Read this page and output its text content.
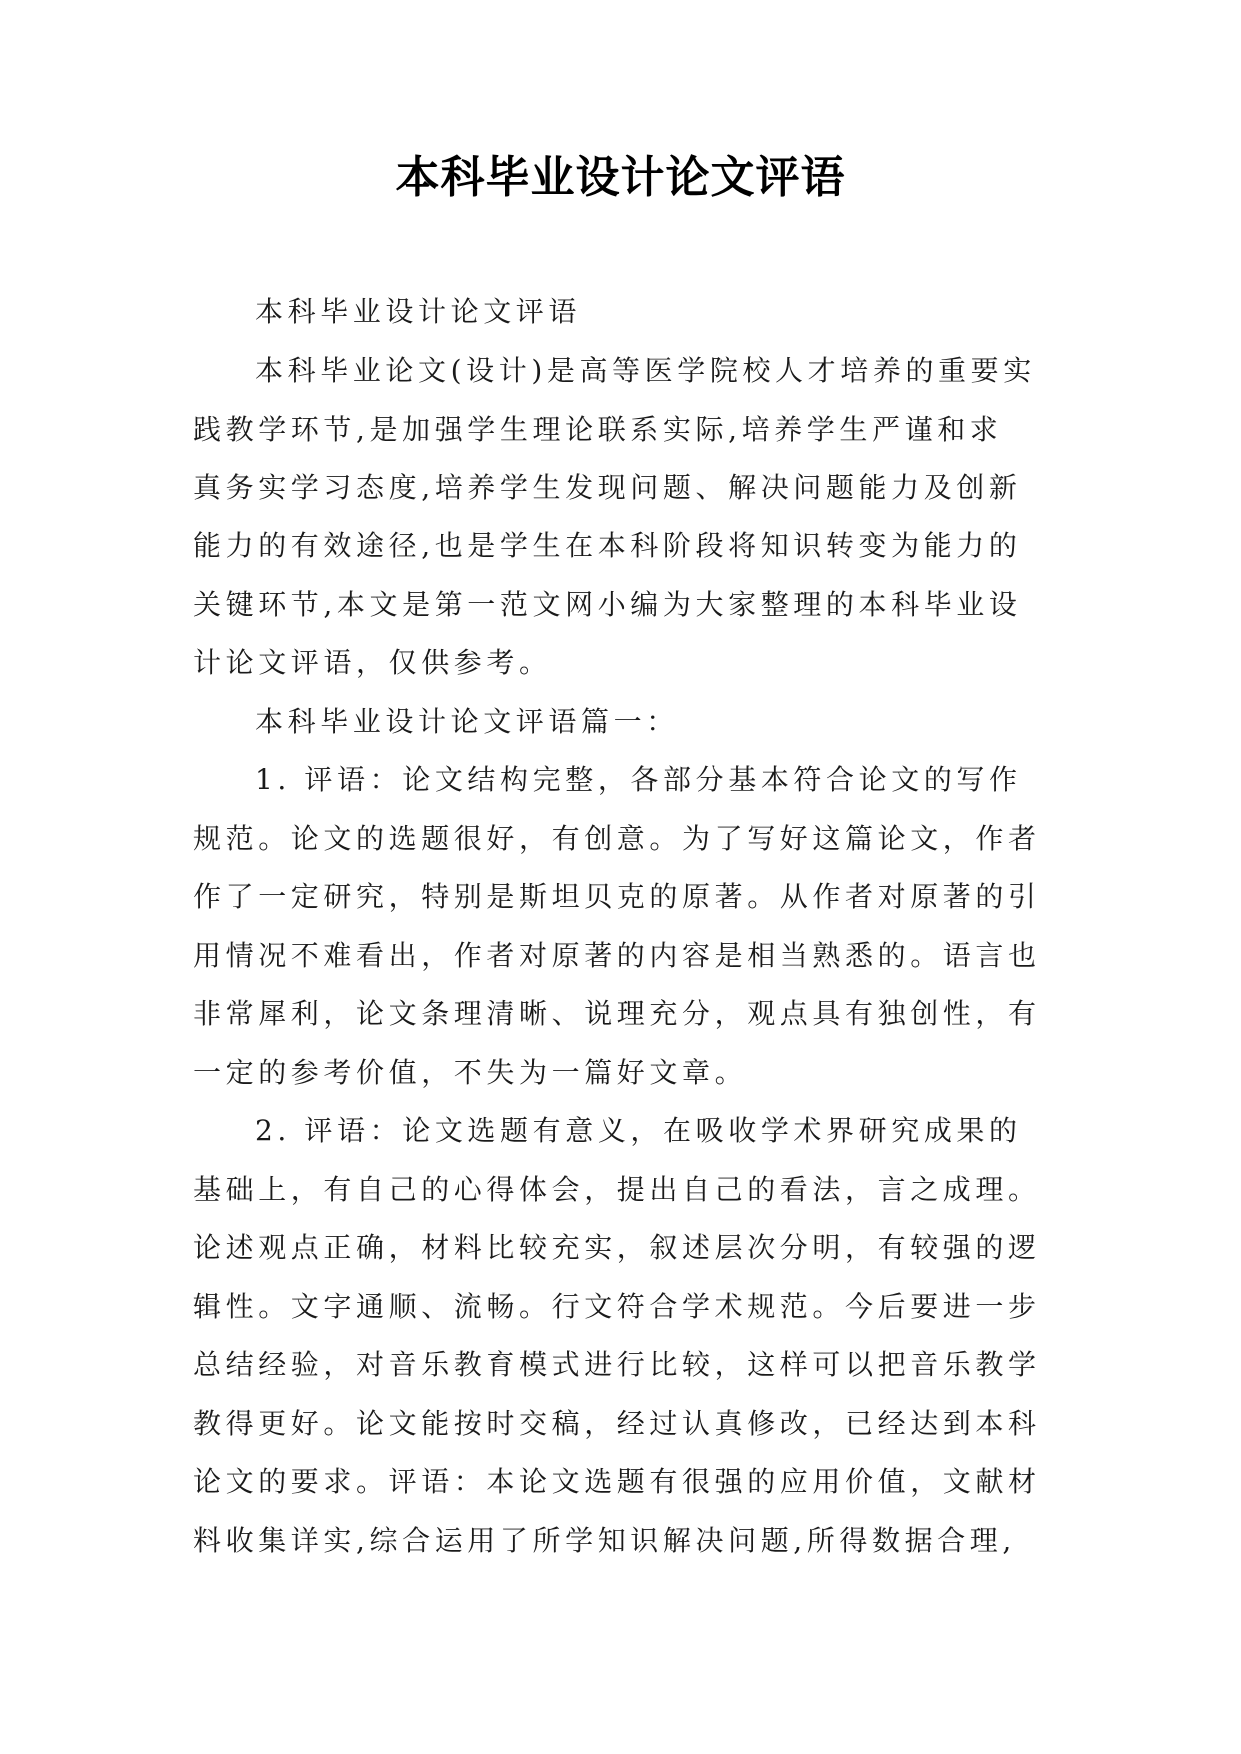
本科毕业设计论文评语
本科毕业设计论文评语
本科毕业论文(设计)是高等医学院校人才培养的重要实
践教学环节,是加强学生理论联系实际,培养学生严谨和求
真务实学习态度,培养学生发现问题、解决问题能力及创新
能力的有效途径,也是学生在本科阶段将知识转变为能力的
关键环节,本文是第一范文网小编为大家整理的本科毕业设
计论文评语，仅供参考。
本科毕业设计论文评语篇一：
1. 评语：论文结构完整，各部分基本符合论文的写作
规范。论文的选题很好，有创意。为了写好这篇论文，作者
作了一定研究，特别是斯坦贝克的原著。从作者对原著的引
用情况不难看出，作者对原著的内容是相当熟悉的。语言也
非常犀利，论文条理清晰、说理充分，观点具有独创性，有
一定的参考价值，不失为一篇好文章。
2. 评语：论文选题有意义，在吸收学术界研究成果的
基础上，有自己的心得体会，提出自己的看法，言之成理。
论述观点正确，材料比较充实，叙述层次分明，有较强的逻
辑性。文字通顺、流畅。行文符合学术规范。今后要进一步
总结经验，对音乐教育模式进行比较，这样可以把音乐教学
教得更好。论文能按时交稿，经过认真修改，已经达到本科
论文的要求。评语：本论文选题有很强的应用价值，文献材
料收集详实,综合运用了所学知识解决问题,所得数据合理,
